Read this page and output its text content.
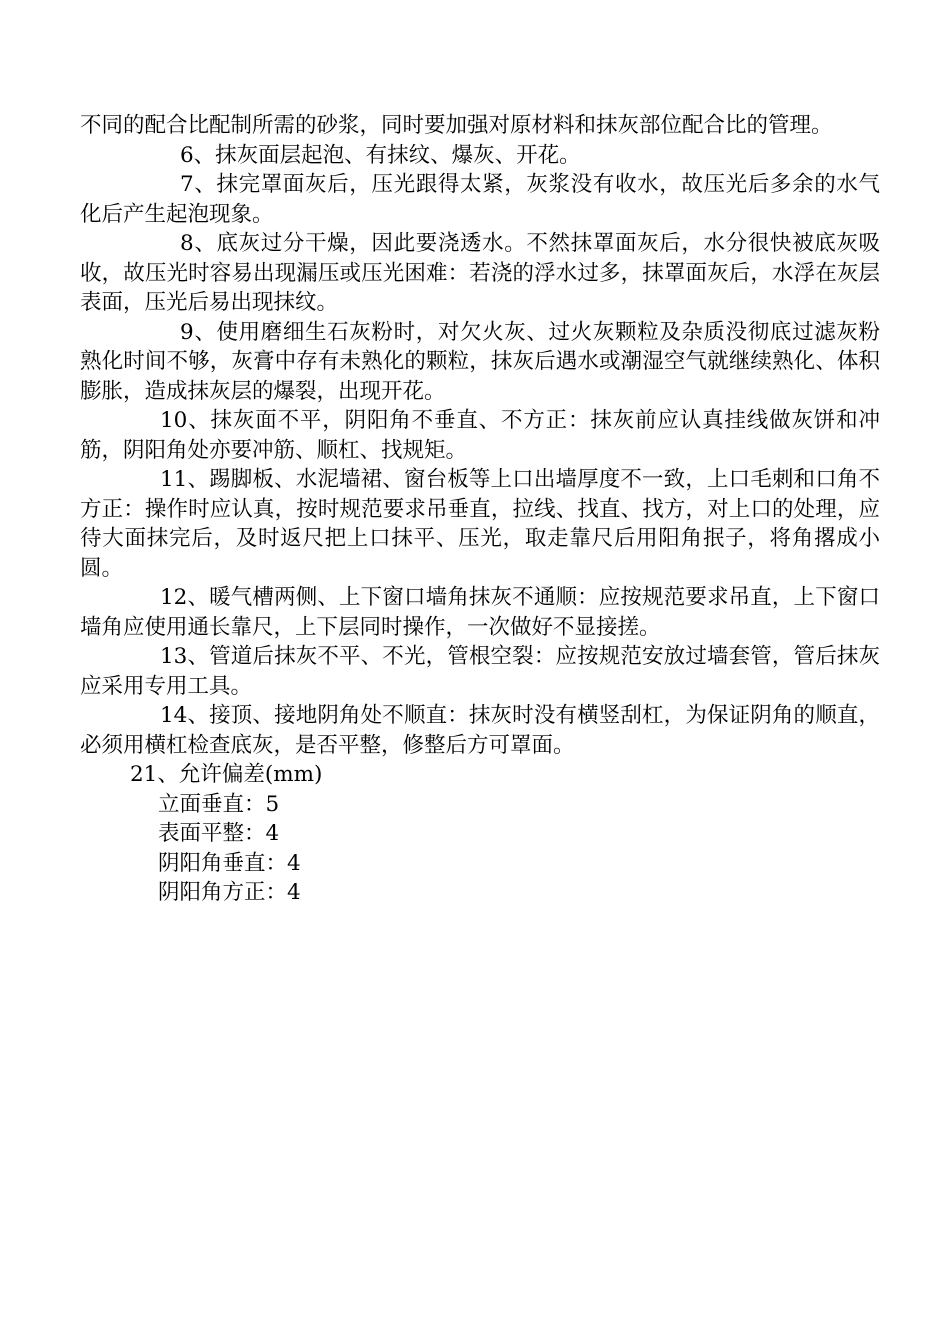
不同的配合比配制所需的砂浆，同时要加强对原材料和抹灰部位配合比的管理。

6、抹灰面层起泡、有抹纹、爆灰、开花。

7、抹完罩面灰后，压光跟得太紧，灰浆没有收水，故压光后多余的水气化后产生起泡现象。

8、底灰过分干燥，因此要浇透水。不然抹罩面灰后，水分很快被底灰吸收，故压光时容易出现漏压或压光困难：若浇的浮水过多，抹罩面灰后，水浮在灰层表面，压光后易出现抹纹。

9、使用磨细生石灰粉时，对欠火灰、过火灰颗粒及杂质没彻底过滤灰粉熟化时间不够，灰膏中存有未熟化的颗粒，抹灰后遇水或潮湿空气就继续熟化、体积膨胀，造成抹灰层的爆裂，出现开花。

10、抹灰面不平，阴阳角不垂直、不方正：抹灰前应认真挂线做灰饼和冲筋，阴阳角处亦要冲筋、顺杠、找规矩。

11、踢脚板、水泥墙裙、窗台板等上口出墙厚度不一致，上口毛刺和口角不方正：操作时应认真，按时规范要求吊垂直，拉线、找直、找方，对上口的处理，应待大面抹完后，及时返尺把上口抹平、压光，取走靠尺后用阳角抿子，将角撂成小圆。

12、暖气槽两侧、上下窗口墙角抹灰不通顺：应按规范要求吊直，上下窗口墙角应使用通长靠尺，上下层同时操作，一次做好不显接搓。

13、管道后抹灰不平、不光，管根空裂：应按规范安放过墙套管，管后抹灰应采用专用工具。

14、接顶、接地阴角处不顺直：抹灰时没有横竖刮杠，为保证阴角的顺直，必须用横杠检查底灰，是否平整，修整后方可罩面。

21、允许偏差(mm)

立面垂直：5

表面平整：4

阴阳角垂直：4

阴阳角方正：4
